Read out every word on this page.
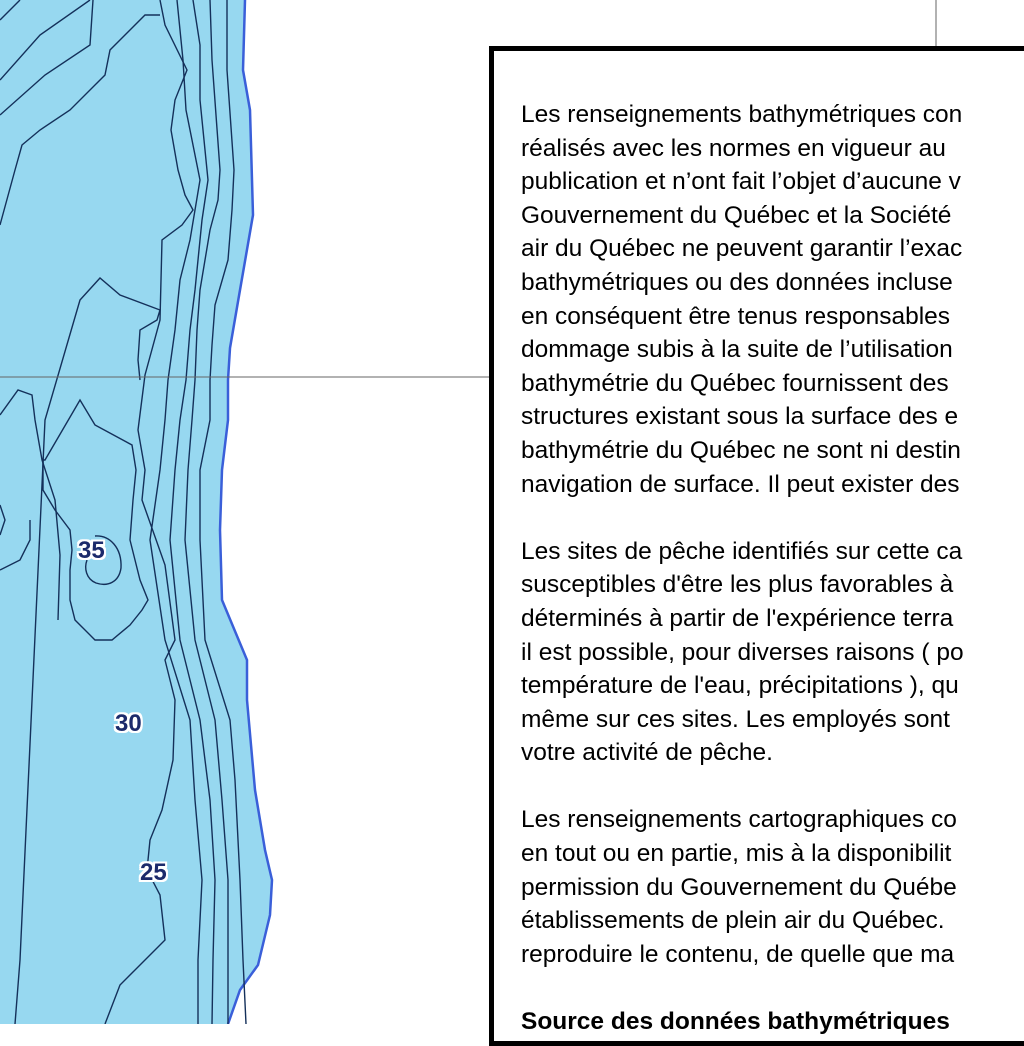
35
30
25
Les renseignements bathymétriques con
réalisés avec les normes en vigueur au
publication et n’ont fait l’objet d’aucune v
Gouvernement du Québec et la Société
air du Québec ne peuvent garantir l’exac
bathymétriques ou des données incluse
en conséquent être tenus responsables
dommage subis à la suite de l’utilisation
bathymétrie du Québec fournissent des
structures existant sous la surface des e
bathymétrie du Québec ne sont ni destin
navigation de surface. Il peut exister des
Les sites de pêche identifiés sur cette ca
susceptibles d'être les plus favorables à
déterminés à partir de l'expérience terra
il est possible, pour diverses raisons ( po
température de l'eau, précipitations ), qu
même sur ces sites. Les employés sont
votre activité de pêche.
Les renseignements cartographiques co
en tout ou en partie, mis à la disponibilit
permission du Gouvernement du Québe
établissements de plein air du Québec.
reproduire le contenu, de quelle que ma
Source des données bathymétriques
